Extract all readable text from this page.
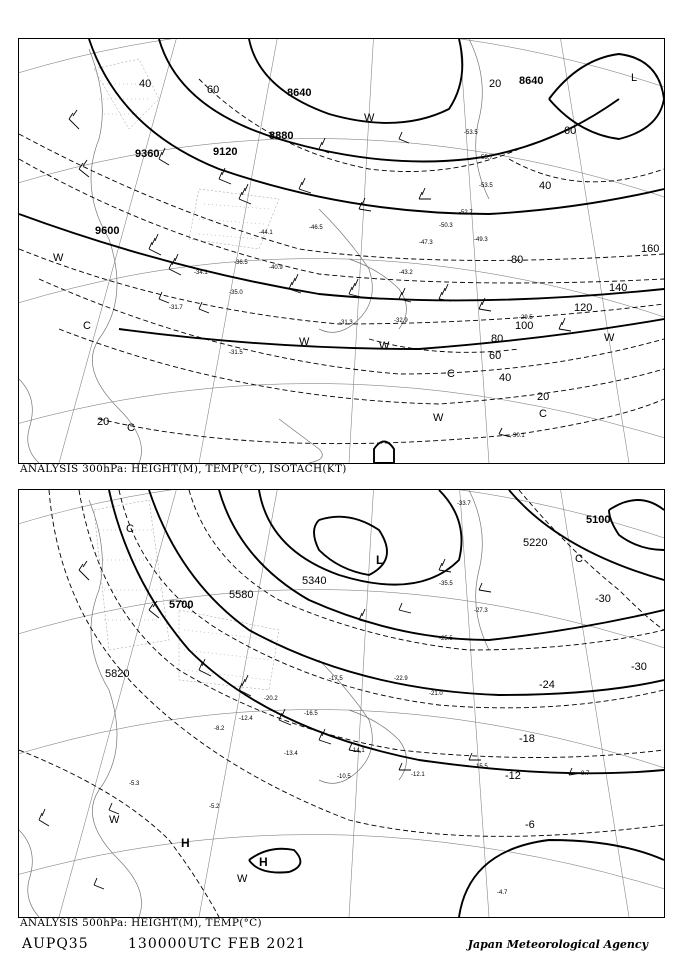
9600
9360	9120
8880
8640
8640
20
40
60
80
100
120
140
160
20
40
60
80
20
40	60
C
C
C
C
W
W	W
W
W
W
L
-53.5
-55.7
-53.5
-49.3
-47.3
-43.2
-35.0
-31.7
-31.3	-32.9	-29.5
-30.1
-31.5
-34.1
-36.5
-40.9
-44.1
-46.5	-50.3
-52.7
ANALYSIS 300hPa: HEIGHT(M), TEMP(°C), ISOTACH(KT)
5820
5700
5580
5340
5220
5100
-30
-30
-24
-18
-12
-6
H
H
L
C
C
W
W
-33.7
-35.5
-27.3
-25.5
-21.0
-22.9
-17.5
-14.1
-12.1
-15.5
-9.7
-5.3
-4.7
-5.2
-12.4
-8.2
-10.5
-13.4
-16.5
-20.2
ANALYSIS 500hPa: HEIGHT(M), TEMP(°C)
AUPQ35	130000UTC FEB 2021	Japan Meteorological Agency
